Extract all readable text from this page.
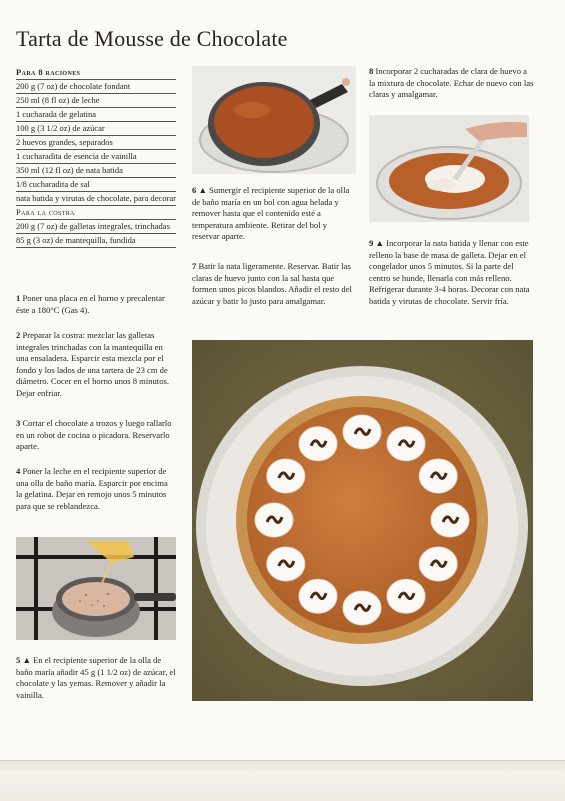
Tarta de Mousse de Chocolate
Para 8 raciones
200 g (7 oz) de chocolate fondant
250 ml (8 fl oz) de leche
1 cucharada de gelatina
100 g (3 1/2 oz) de azúcar
2 huevos grandes, separados
1 cucharadita de esencia de vainilla
350 ml (12 fl oz) de nata batida
1/8 cucharadita de sal
nata batida y virutas de chocolate, para decorar
Para la costra
200 g (7 oz) de galletas integrales, trinchadas
85 g (3 oz) de mantequilla, fundida

1 Poner una placa en el horno y precalentar éste a 180°C (Gas 4).

2 Preparar la costra: mezclar las galletas integrales trinchadas con la mantequilla en una ensaladera. Esparcir esta mezcla por el fondo y los lados de una tartera de 23 cm de diámetro. Cocer en el horno unos 8 minutos. Dejar enfriar.

3 Cortar el chocolate a trozos y luego rallarlo en un robot de cocina o picadora. Reservarlo aparte.

4 Poner la leche en el recipiente superior de una olla de baño maría. Esparcir por encima la gelatina. Dejar en remojo unos 5 minutos para que se reblandezca.

5 ▲ En el recipiente superior de la olla de baño maría añadir 45 g (1 1/2 oz) de azúcar, el chocolate y las yemas. Remover y añadir la vainilla.

6 ▲ Sumergir el recipiente superior de la olla de baño maría en un bol con agua helada y remover hasta que el contenido esté a temperatura ambiente. Retirar del bol y reservar aparte.

7 Batir la nata ligeramente. Reservar. Batir las claras de huevo junto con la sal hasta que formen unos picos blandos. Añadir el resto del azúcar y batir lo justo para amalgamar.

8 Incorporar 2 cucharadas de clara de huevo a la mixtura de chocolate. Echar de nuevo con las claras y amalgamar.

9 ▲ Incorporar la nata batida y llenar con este relleno la base de masa de galleta. Dejar en el congelador unos 5 minutos. Si la parte del centro se hunde, llenarla con más relleno. Refrigerar durante 3-4 horas. Decorar con nata batida y virutas de chocolate. Servir fría.
